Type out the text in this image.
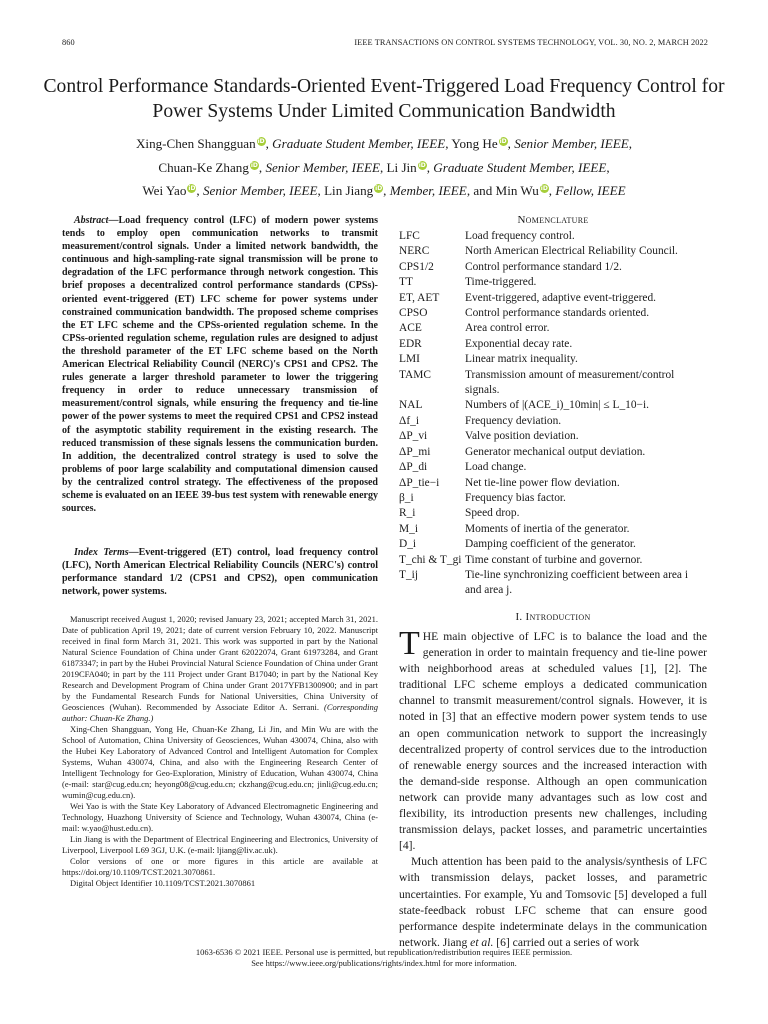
860	IEEE TRANSACTIONS ON CONTROL SYSTEMS TECHNOLOGY, VOL. 30, NO. 2, MARCH 2022
Control Performance Standards-Oriented Event-Triggered Load Frequency Control for Power Systems Under Limited Communication Bandwidth
Xing-Chen Shangguan iD, Graduate Student Member, IEEE, Yong He iD, Senior Member, IEEE,
Chuan-Ke Zhang iD, Senior Member, IEEE, Li Jin iD, Graduate Student Member, IEEE,
Wei Yao iD, Senior Member, IEEE, Lin Jiang iD, Member, IEEE, and Min Wu iD, Fellow, IEEE

Abstract—Load frequency control (LFC) of modern power systems tends to employ open communication networks to transmit measurement/control signals. Under a limited network bandwidth, the continuous and high-sampling-rate signal transmission will be prone to degradation of the LFC performance through network congestion. This brief proposes a decentralized control performance standards (CPSs)-oriented event-triggered (ET) LFC scheme for power systems under constrained communication bandwidth. The proposed scheme comprises the ET LFC scheme and the CPSs-oriented regulation scheme. In the CPSs-oriented regulation scheme, regulation rules are designed to adjust the threshold parameter of the ET LFC scheme based on the North American Electrical Reliability Council (NERC)'s CPS1 and CPS2. The rules generate a larger threshold parameter to lower the triggering frequency in order to reduce unnecessary transmission of measurement/control signals, while ensuring the frequency and tie-line power of the power systems to meet the required CPS1 and CPS2 instead of the asymptotic stability requirement in the existing research. The reduced transmission of these signals lessens the communication burden. In addition, the decentralized control strategy is used to solve the problems of poor large scalability and computational dimension caused by the centralized control strategy. The effectiveness of the proposed scheme is evaluated on an IEEE 39-bus test system with renewable energy sources.

Index Terms—Event-triggered (ET) control, load frequency control (LFC), North American Electrical Reliability Councils (NERC's) control performance standard 1/2 (CPS1 and CPS2), open communication network, power systems.

Manuscript received August 1, 2020; revised January 23, 2021; accepted March 31, 2021. Date of publication April 19, 2021; date of current version February 10, 2022. Manuscript received in final form March 31, 2021. This work was supported in part by the National Natural Science Foundation of China under Grant 62022074, Grant 61973284, and Grant 61873347; in part by the Hubei Provincial Natural Science Foundation of China under Grant 2019CFA040; in part by the 111 Project under Grant B17040; in part by the National Key Research and Development Program of China under Grant 2017YFB1300900; and in part by the Fundamental Research Funds for National Universities, China University of Geosciences (Wuhan). Recommended by Associate Editor A. Serrani. (Corresponding author: Chuan-Ke Zhang.)

Xing-Chen Shangguan, Yong He, Chuan-Ke Zhang, Li Jin, and Min Wu are with the School of Automation, China University of Geosciences, Wuhan 430074, China, also with the Hubei Key Laboratory of Advanced Control and Intelligent Automation for Complex Systems, Wuhan 430074, China, and also with the Engineering Research Center of Intelligent Technology for Geo-Exploration, Ministry of Education, Wuhan 430074, China (e-mail: star@cug.edu.cn; heyong08@cug.edu.cn; ckzhang@cug.edu.cn; jinli@cug.edu.cn; wumin@cug.edu.cn).

Wei Yao is with the State Key Laboratory of Advanced Electromagnetic Engineering and Technology, Huazhong University of Science and Technology, Wuhan 430074, China (e-mail: w.yao@hust.edu.cn).

Lin Jiang is with the Department of Electrical Engineering and Electronics, University of Liverpool, Liverpool L69 3GJ, U.K. (e-mail: ljiang@liv.ac.uk).

Color versions of one or more figures in this article are available at https://doi.org/10.1109/TCST.2021.3070861.

Digital Object Identifier 10.1109/TCST.2021.3070861

Nomenclature
LFC	Load frequency control.
NERC	North American Electrical Reliability Council.
CPS1/2	Control performance standard 1/2.
TT	Time-triggered.
ET, AET	Event-triggered, adaptive event-triggered.
CPSO	Control performance standards oriented.
ACE	Area control error.
EDR	Exponential decay rate.
LMI	Linear matrix inequality.
TAMC	Transmission amount of measurement/control signals.
NAL	Numbers of |(ACE_i)_10min| ≤ L_10−i.
Δf_i	Frequency deviation.
ΔP_vi	Valve position deviation.
ΔP_mi	Generator mechanical output deviation.
ΔP_di	Load change.
ΔP_tie−i	Net tie-line power flow deviation.
β_i	Frequency bias factor.
R_i	Speed drop.
M_i	Moments of inertia of the generator.
D_i	Damping coefficient of the generator.
T_chi & T_gi	Time constant of turbine and governor.
T_ij	Tie-line synchronizing coefficient between area i and area j.
I. Introduction

THE main objective of LFC is to balance the load and the generation in order to maintain frequency and tie-line power with neighborhood areas at scheduled values [1], [2]. The traditional LFC scheme employs a dedicated communication channel to transmit measurement/control signals. However, it is noted in [3] that an effective modern power system tends to use an open communication network to support the increasingly decentralized property of control services due to the introduction of renewable energy sources and the increased interaction with the demand-side response. Although an open communication network can provide many advantages such as low cost and flexibility, its introduction presents new challenges, including transmission delays, packet losses, and parametric uncertainties [4].

Much attention has been paid to the analysis/synthesis of LFC with transmission delays, packet losses, and parametric uncertainties. For example, Yu and Tomsovic [5] developed a full state-feedback robust LFC scheme that can ensure good performance despite indeterminate delays in the communication network. Jiang et al. [6] carried out a series of work

1063-6536 © 2021 IEEE. Personal use is permitted, but republication/redistribution requires IEEE permission.

See https://www.ieee.org/publications/rights/index.html for more information.
